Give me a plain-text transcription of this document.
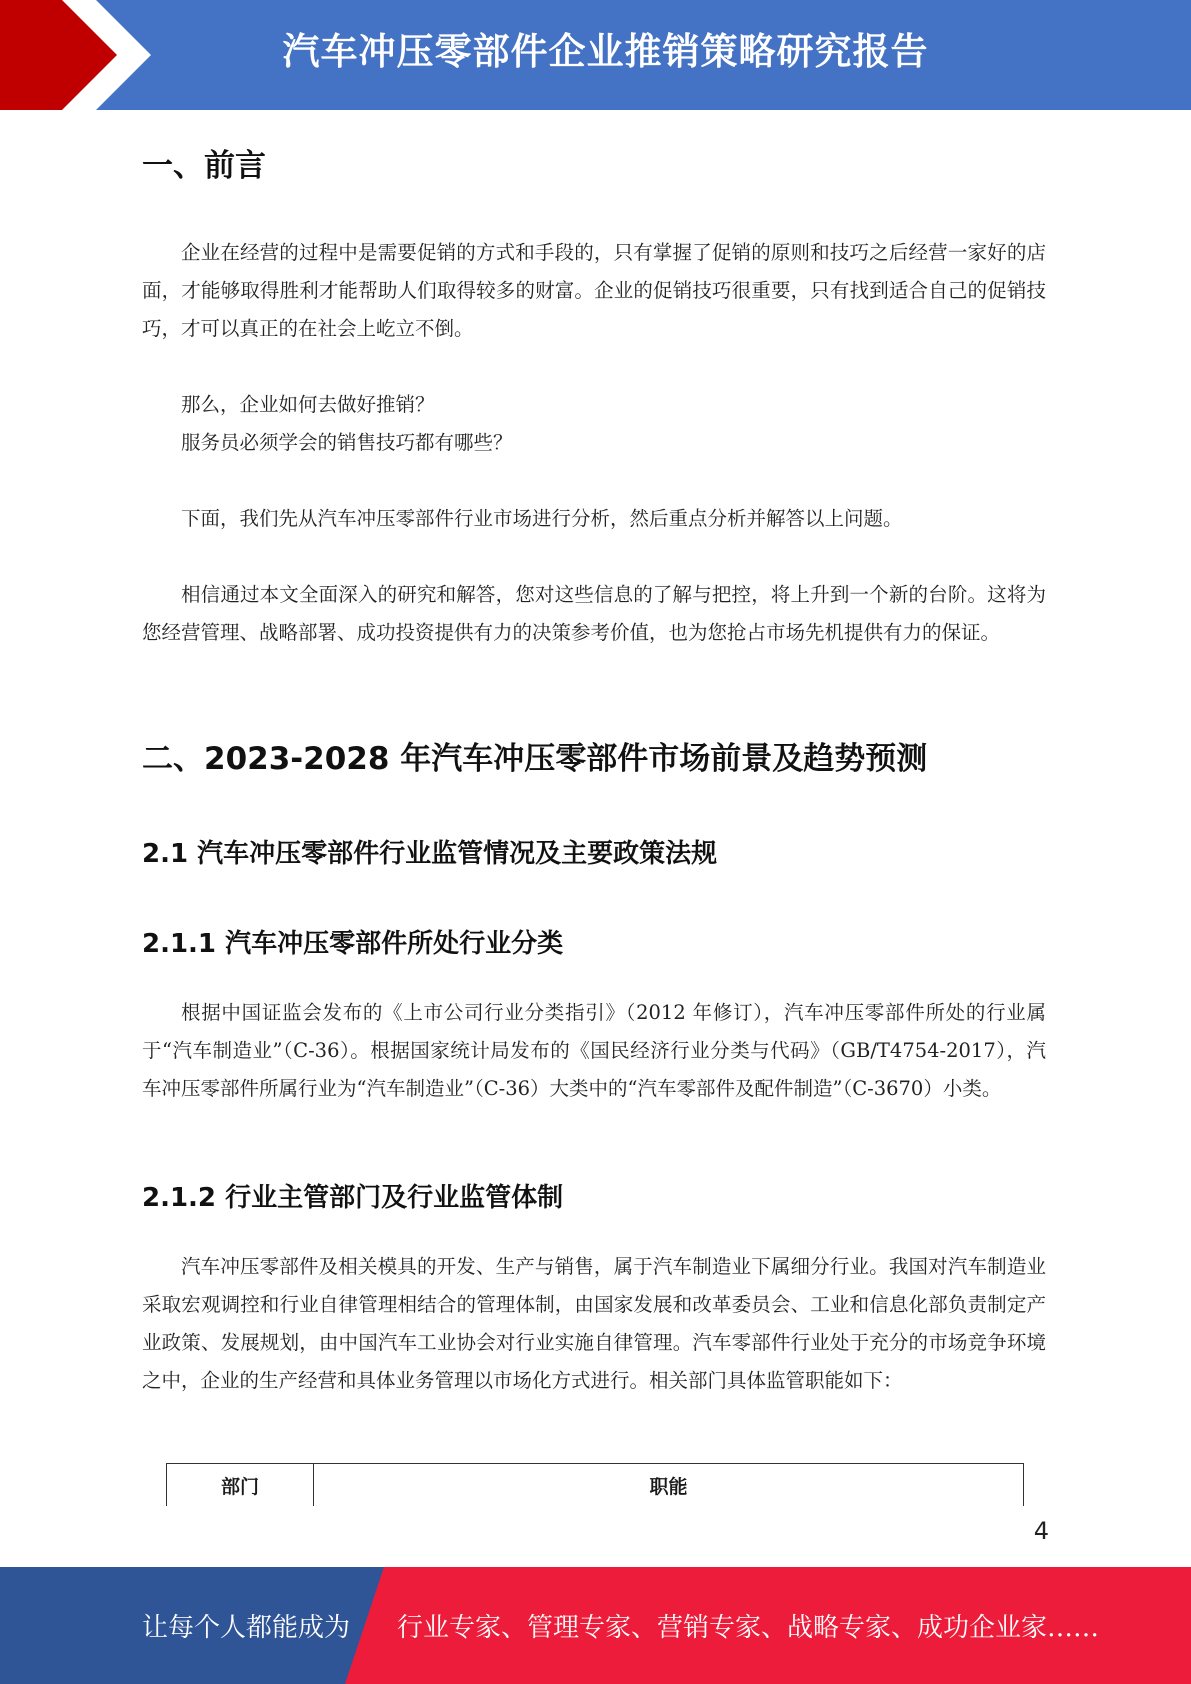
汽车冲压零部件企业推销策略研究报告
一、前言

企业在经营的过程中是需要促销的方式和手段的，只有掌握了促销的原则和技巧之后经营一家好的店面，才能够取得胜利才能帮助人们取得较多的财富。企业的促销技巧很重要，只有找到适合自己的促销技巧，才可以真正的在社会上屹立不倒。

那么，企业如何去做好推销？

服务员必须学会的销售技巧都有哪些？

下面，我们先从汽车冲压零部件行业市场进行分析，然后重点分析并解答以上问题。

相信通过本文全面深入的研究和解答，您对这些信息的了解与把控，将上升到一个新的台阶。这将为您经营管理、战略部署、成功投资提供有力的决策参考价值，也为您抢占市场先机提供有力的保证。

二、2023-2028 年汽车冲压零部件市场前景及趋势预测
2.1 汽车冲压零部件行业监管情况及主要政策法规
2.1.1 汽车冲压零部件所处行业分类

根据中国证监会发布的《上市公司行业分类指引》（2012 年修订），汽车冲压零部件所处的行业属于“汽车制造业”（C-36）。根据国家统计局发布的《国民经济行业分类与代码》（GB/T4754-2017），汽车冲压零部件所属行业为“汽车制造业”（C-36）大类中的“汽车零部件及配件制造”（C-3670）小类。

2.1.2 行业主管部门及行业监管体制

汽车冲压零部件及相关模具的开发、生产与销售，属于汽车制造业下属细分行业。我国对汽车制造业采取宏观调控和行业自律管理相结合的管理体制，由国家发展和改革委员会、工业和信息化部负责制定产业政策、发展规划，由中国汽车工业协会对行业实施自律管理。汽车零部件行业处于充分的市场竞争环境之中，企业的生产经营和具体业务管理以市场化方式进行。相关部门具体监管职能如下：

部门	职能
4
让每个人都能成为 行业专家、管理专家、营销专家、战略专家、成功企业家……
